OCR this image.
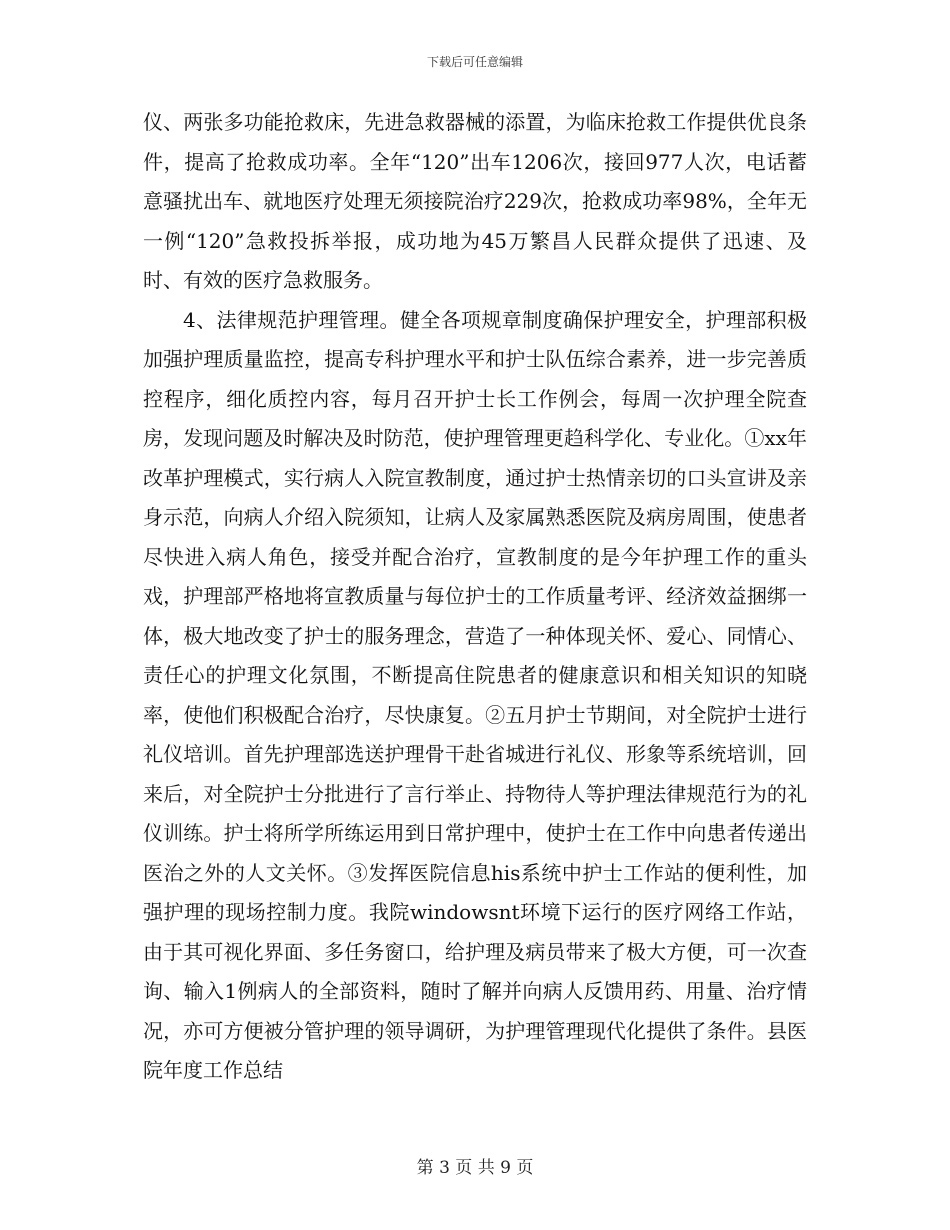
下载后可任意编辑

仪、两张多功能抢救床，先进急救器械的添置，为临床抢救工作提供优良条件，提高了抢救成功率。全年“120”出车1206次，接回977人次，电话蓄意骚扰出车、就地医疗处理无须接院治疗229次，抢救成功率98%，全年无一例“120”急救投拆举报，成功地为45万繁昌人民群众提供了迅速、及时、有效的医疗急救服务。

4、法律规范护理管理。健全各项规章制度确保护理安全，护理部积极加强护理质量监控，提高专科护理水平和护士队伍综合素养，进一步完善质控程序，细化质控内容，每月召开护士长工作例会，每周一次护理全院查房，发现问题及时解决及时防范，使护理管理更趋科学化、专业化。①xx年改革护理模式，实行病人入院宣教制度，通过护士热情亲切的口头宣讲及亲身示范，向病人介绍入院须知，让病人及家属熟悉医院及病房周围，使患者尽快进入病人角色，接受并配合治疗，宣教制度的是今年护理工作的重头戏，护理部严格地将宣教质量与每位护士的工作质量考评、经济效益捆绑一体，极大地改变了护士的服务理念，营造了一种体现关怀、爱心、同情心、责任心的护理文化氛围，不断提高住院患者的健康意识和相关知识的知晓率，使他们积极配合治疗，尽快康复。②五月护士节期间，对全院护士进行礼仪培训。首先护理部选送护理骨干赴省城进行礼仪、形象等系统培训，回来后，对全院护士分批进行了言行举止、持物待人等护理法律规范行为的礼仪训练。护士将所学所练运用到日常护理中，使护士在工作中向患者传递出医治之外的人文关怀。③发挥医院信息his系统中护士工作站的便利性，加强护理的现场控制力度。我院windowsnt环境下运行的医疗网络工作站，由于其可视化界面、多任务窗口，给护理及病员带来了极大方便，可一次查询、输入1例病人的全部资料，随时了解并向病人反馈用药、用量、治疗情况，亦可方便被分管护理的领导调研，为护理管理现代化提供了条件。县医院年度工作总结

第 3 页 共 9 页
